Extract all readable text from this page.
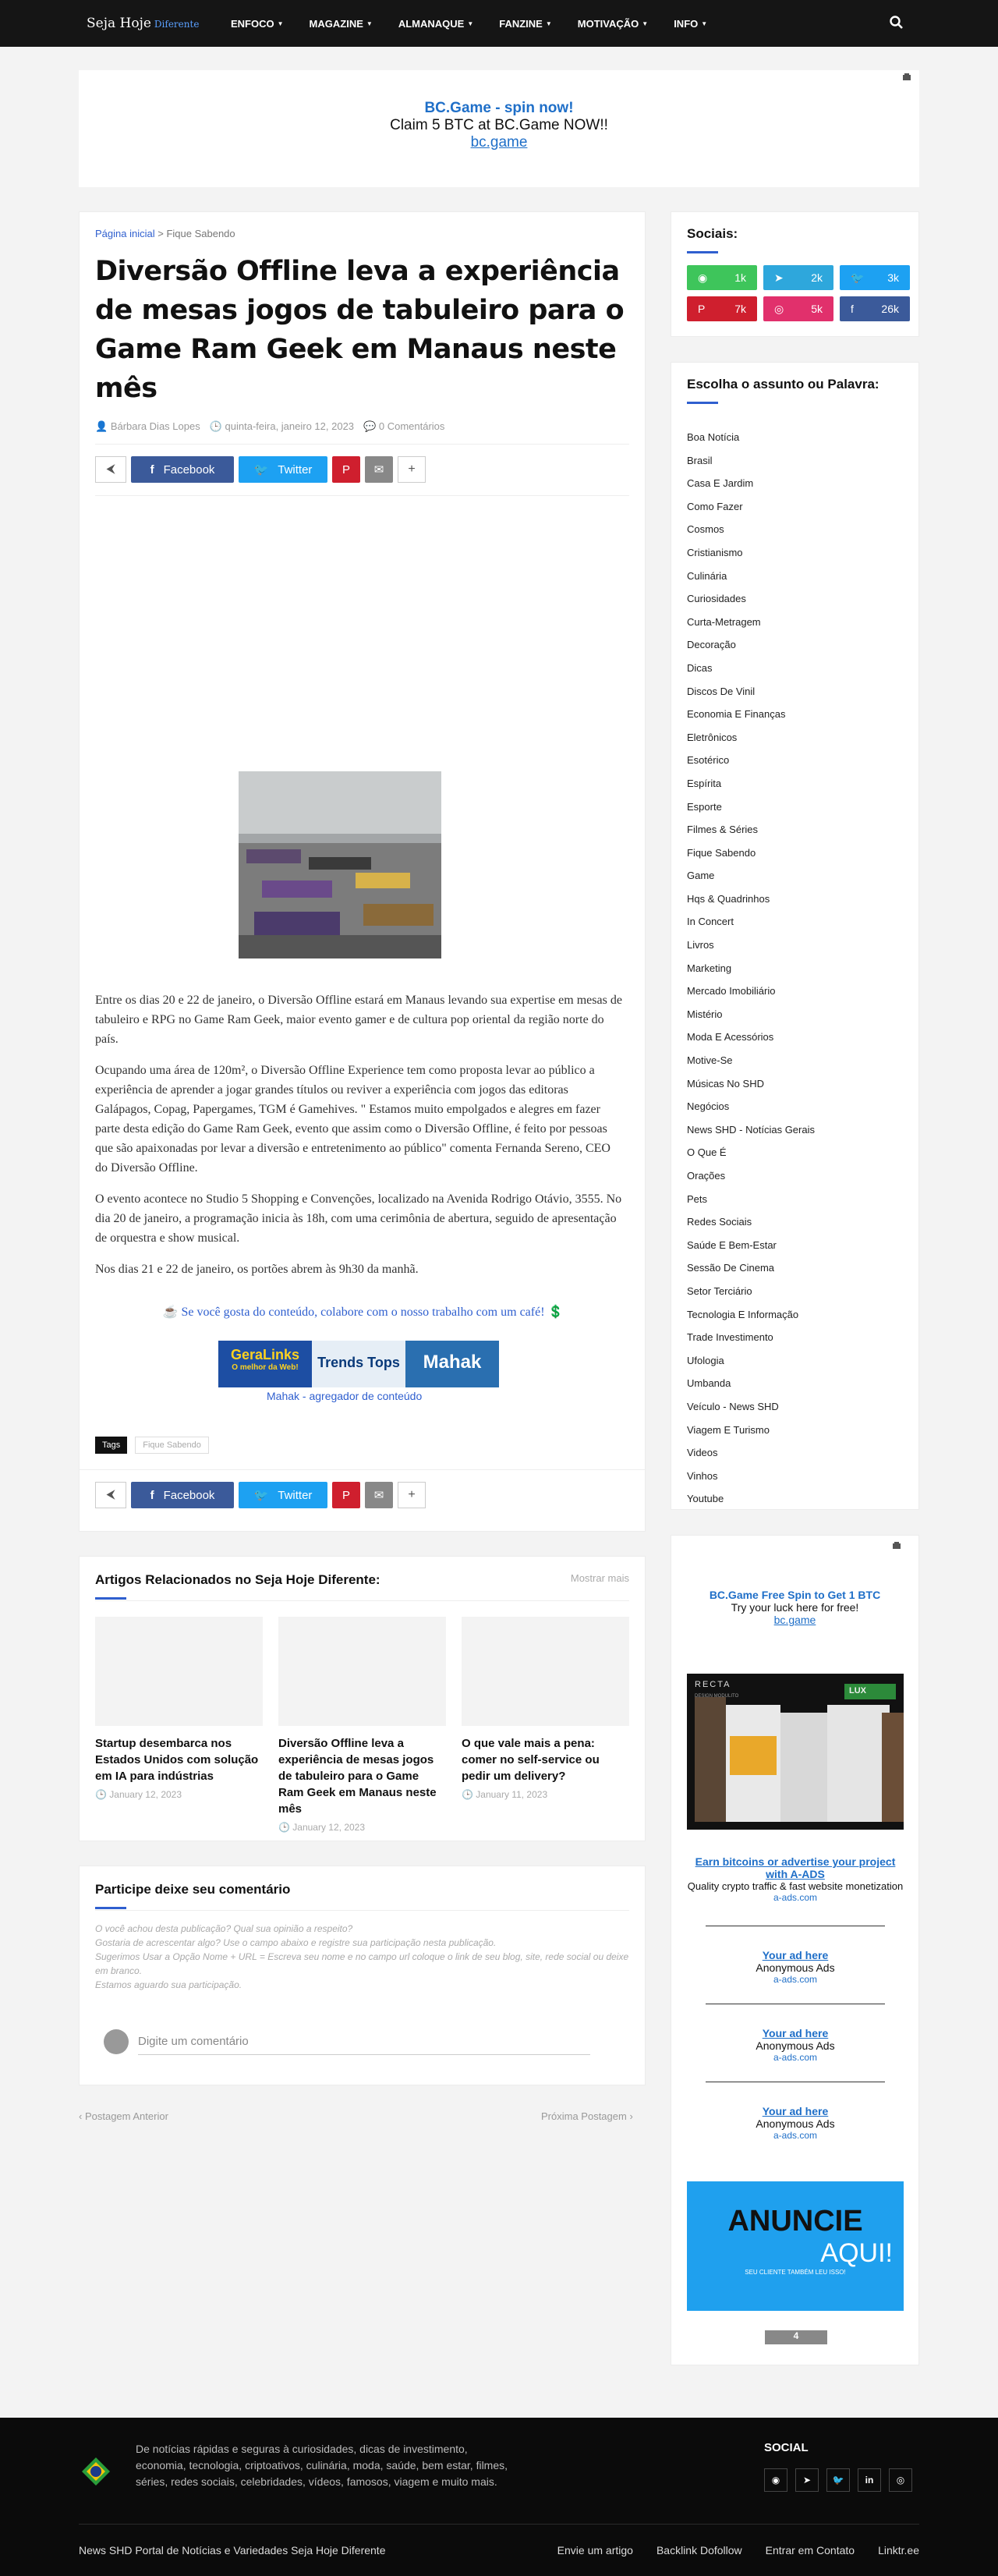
Seja Hoje Diferente	ENFOCO ▼	MAGAZINE ▼	ALMANAQUE ▼	FANZINE ▼	MOTIVAÇÃO ▼	INFO ▼
BC.Game - spin now!
Claim 5 BTC at BC.Game NOW!!
bc.game
Página inicial > Fique Sabendo
Diversão Offline leva a experiência de mesas jogos de tabuleiro para o Game Ram Geek em Manaus neste mês
👤 Bárbara Dias Lopes 🕒 quinta-feira, janeiro 12, 2023 💬 0 Comentários
⮜	f Facebook	🐦 Twitter	P ✉ +

Entre os dias 20 e 22 de janeiro, o Diversão Offline estará em Manaus levando sua expertise em mesas de tabuleiro e RPG no Game Ram Geek, maior evento gamer e de cultura pop oriental da região norte do país.

Ocupando uma área de 120m², o Diversão Offline Experience tem como proposta levar ao público a experiência de aprender a jogar grandes títulos ou reviver a experiência com jogos das editoras Galápagos, Copag, Papergames, TGM é Gamehives. " Estamos muito empolgados e alegres em fazer parte desta edição do Game Ram Geek, evento que assim como o Diversão Offline, é feito por pessoas que são apaixonadas por levar a diversão e entretenimento ao público" comenta Fernanda Sereno, CEO do Diversão Offline.

O evento acontece no Studio 5 Shopping e Convenções, localizado na Avenida Rodrigo Otávio, 3555. No dia 20 de janeiro, a programação inicia às 18h, com uma cerimônia de abertura, seguido de apresentação de orquestra e show musical.

Nos dias 21 e 22 de janeiro, os portões abrem às 9h30 da manhã.

☕ Se você gosta do conteúdo, colabore com o nosso trabalho com um café! 💲
GeraLinks
O melhor da Web!	Trends Tops	Mahak
Mahak - agregador de conteúdo
Tags	Fique Sabendo
⮜	f Facebook	🐦 Twitter	P ✉ +
Artigos Relacionados no Seja Hoje Diferente:	Mostrar mais
Startup desembarca nos Estados Unidos com solução em IA para indústrias
🕒 January 12, 2023
Diversão Offline leva a experiência de mesas jogos de tabuleiro para o Game Ram Geek em Manaus neste mês
🕒 January 12, 2023
O que vale mais a pena: comer no self-service ou pedir um delivery?
🕒 January 11, 2023
Participe deixe seu comentário
O você achou desta publicação? Qual sua opinião a respeito?
Gostaria de acrescentar algo? Use o campo abaixo e registre sua participação nesta publicação.
Sugerimos Usar a Opção Nome + URL = Escreva seu nome e no campo url coloque o link de seu blog, site, rede social ou deixe em branco.
Estamos aguardo sua participação.
Digite um comentário
‹ Postagem Anterior	Próxima Postagem ›
Sociais:
◉ 1k	➤	2k	🐦 3k
P	7k	◎ 5k	f	26k
Escolha o assunto ou Palavra:
Boa Notícia
Brasil
Casa E Jardim
Como Fazer
Cosmos
Cristianismo
Culinária
Curiosidades
Curta-Metragem
Decoração
Dicas
Discos De Vinil
Economia E Finanças
Eletrônicos
Esotérico
Espírita
Esporte
Filmes & Séries
Fique Sabendo
Game
Hqs & Quadrinhos
In Concert
Livros
Marketing
Mercado Imobiliário
Mistério
Moda E Acessórios
Motive-Se
Músicas No SHD
Negócios
News SHD - Notícias Gerais
O Que É
Orações
Pets
Redes Sociais
Saúde E Bem-Estar
Sessão De Cinema
Setor Terciário
Tecnologia E Informação
Trade Investimento
Ufologia
Umbanda
Veículo - News SHD
Viagem E Turismo
Videos
Vinhos
Youtube
BC.Game Free Spin to Get 1 BTC
Try your luck here for free!
bc.game
RECTA
DESIGN MODULITO
LUX
Earn bitcoins or advertise your project with A-ADS
Quality crypto traffic & fast website monetization
a-ads.com
Your ad here
Anonymous Ads
a-ads.com
Your ad here
Anonymous Ads
a-ads.com
Your ad here
Anonymous Ads
a-ads.com
ANUNCIE
AQUI!
SEU CLIENTE TAMBÉM LEU ISSO!
4
De notícias rápidas e seguras à curiosidades, dicas de investimento, economia, tecnologia, criptoativos, culinária, moda, saúde, bem estar, filmes, séries, redes sociais, celebridades, vídeos, famosos, viagem e muito mais.
SOCIAL
◉	➤	🐦	in	◎
News SHD Portal de Notícias e Variedades Seja Hoje Diferente	Envie um artigo Backlink Dofollow Entrar em Contato Linktr.ee
